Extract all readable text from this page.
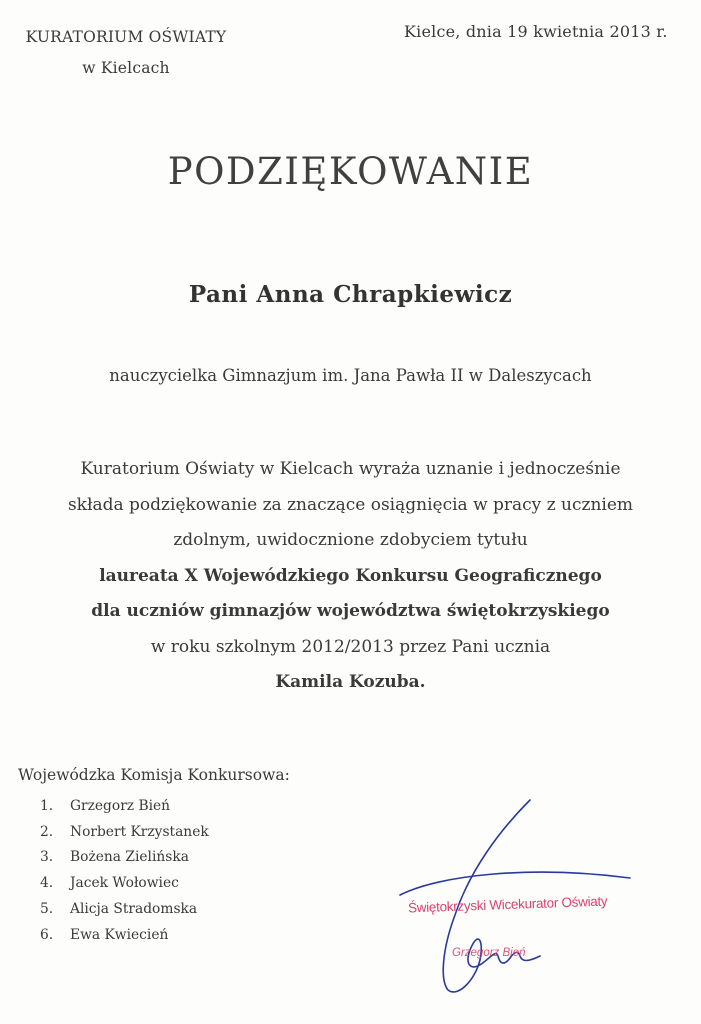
KURATORIUM OŚWIATY
w Kielcach
Kielce, dnia 19 kwietnia 2013 r.
PODZIĘKOWANIE
Pani Anna Chrapkiewicz
nauczycielka Gimnazjum im. Jana Pawła II w Daleszycach
Kuratorium Oświaty w Kielcach wyraża uznanie i jednocześnie
składa podziękowanie za znaczące osiągnięcia w pracy z uczniem
zdolnym, uwidocznione zdobyciem tytułu
laureata X Wojewódzkiego Konkursu Geograficznego
dla uczniów gimnazjów województwa świętokrzyskiego
w roku szkolnym 2012/2013 przez Pani ucznia
Kamila Kozuba.
Wojewódzka Komisja Konkursowa:
1.	Grzegorz Bień
2.	Norbert Krzystanek
3.	Bożena Zielińska
4.	Jacek Wołowiec
5.	Alicja Stradomska
6.	Ewa Kwiecień
Świętokrzyski Wicekurator Oświaty
Grzegorz Bień
